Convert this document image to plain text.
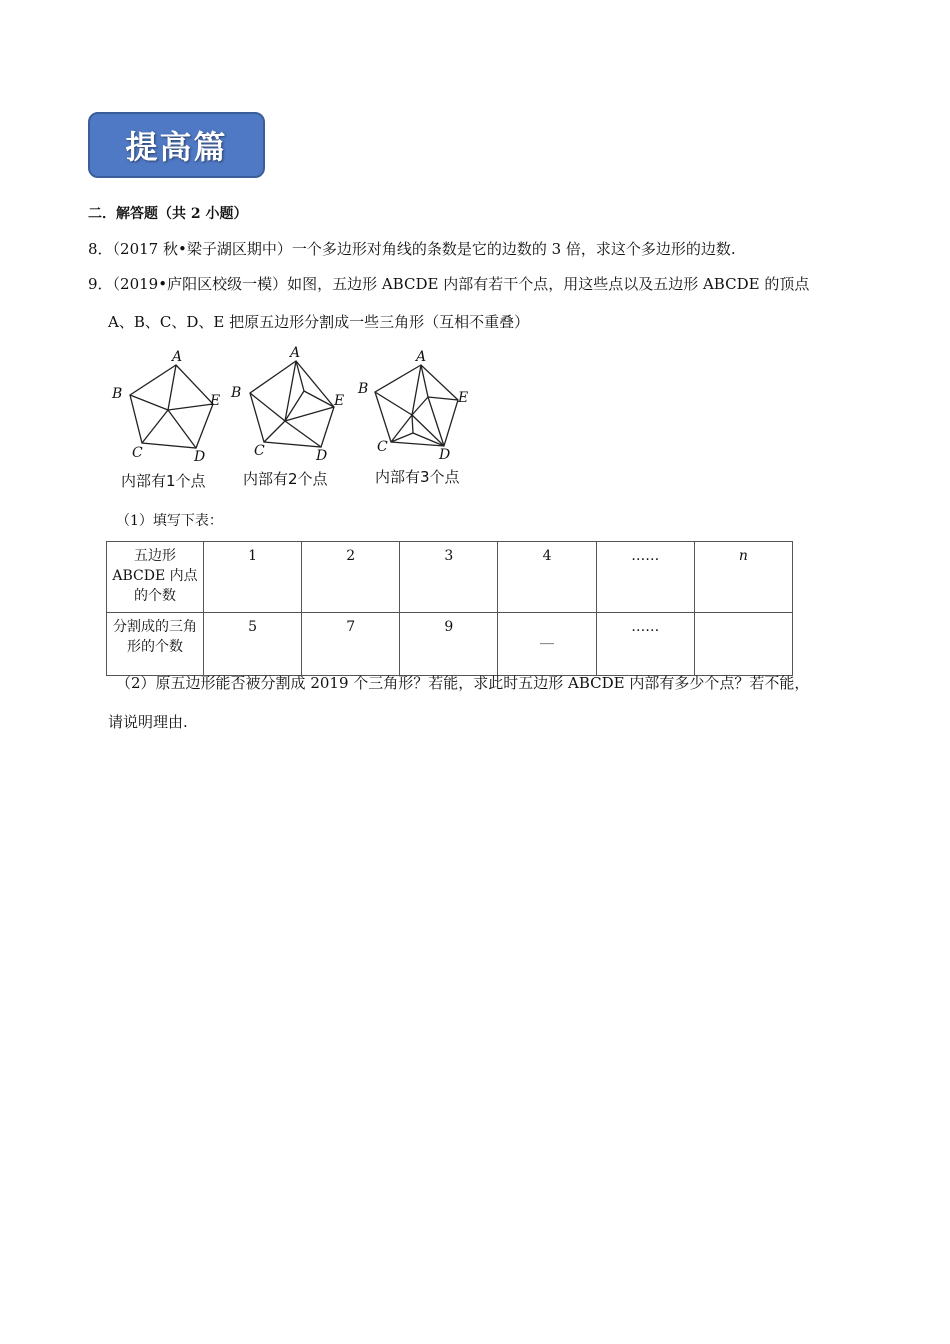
提高篇
二．解答题（共 2 小题）
8．（2017 秋•梁子湖区期中）一个多边形对角线的条数是它的边数的 3 倍，求这个多边形的边数.
9．（2019•庐阳区校级一模）如图，五边形 ABCDE 内部有若干个点，用这些点以及五边形 ABCDE 的顶点
A、B、C、D、E 把原五边形分割成一些三角形（互相不重叠）
A
B
C	D
E
内部有1个点
A
B
C	D
E
内部有2个点
A
B
C	D
E
内部有3个点
（1）填写下表：
五边形 ABCDE 内点的个数	1	2	3	4	……	n
分割成的三角形的个数	5	7	9	__	……	
（2）原五边形能否被分割成 2019 个三角形？若能，求此时五边形 ABCDE 内部有多少个点？若不能，
请说明理由.
